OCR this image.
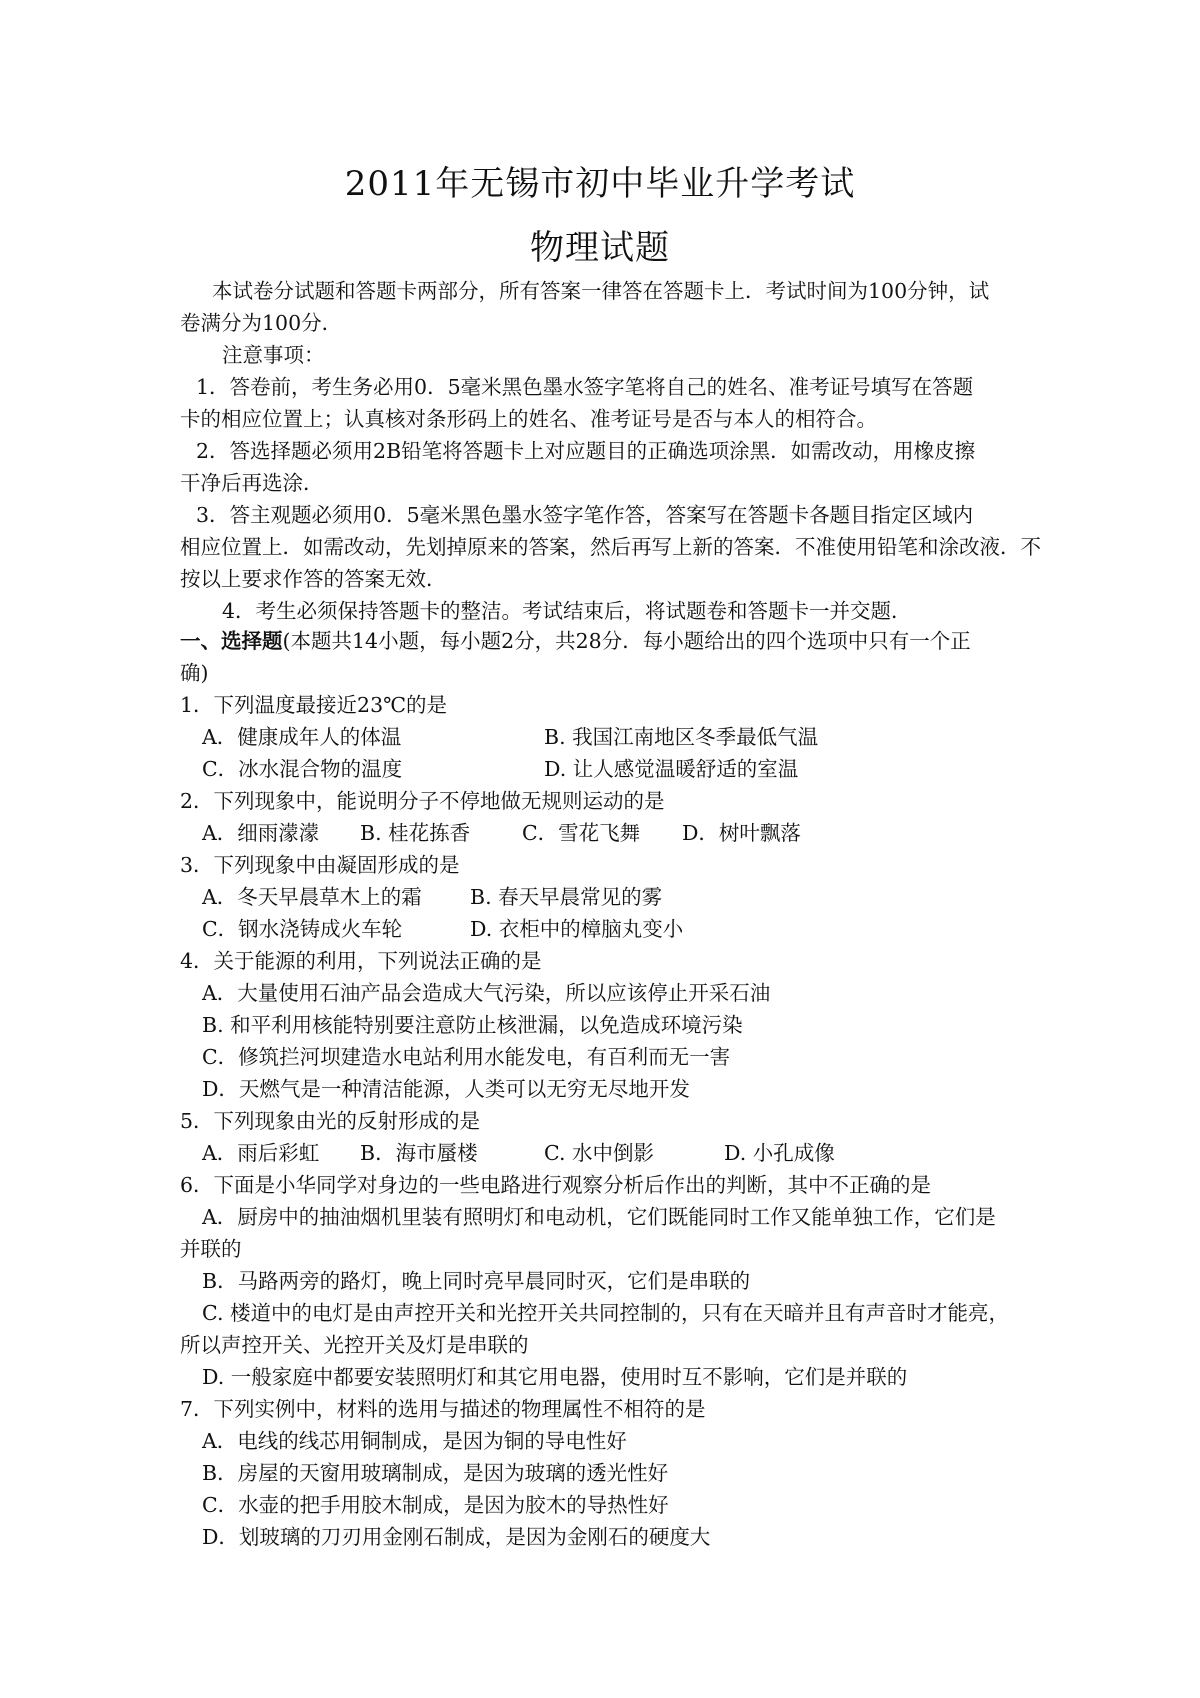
2011年无锡市初中毕业升学考试
物理试题
本试卷分试题和答题卡两部分，所有答案一律答在答题卡上．考试时间为100分钟，试
卷满分为100分．
注意事项：
1．答卷前，考生务必用0．5毫米黑色墨水签字笔将自己的姓名、准考证号填写在答题
卡的相应位置上；认真核对条形码上的姓名、准考证号是否与本人的相符合。
2．答选择题必须用2B铅笔将答题卡上对应题目的正确选项涂黑．如需改动，用橡皮擦
干净后再选涂．
3．答主观题必须用0．5毫米黑色墨水签字笔作答，答案写在答题卡各题目指定区域内
相应位置上．如需改动，先划掉原来的答案，然后再写上新的答案．不准使用铅笔和涂改液．不
按以上要求作答的答案无效．
4．考生必须保持答题卡的整洁。考试结束后，将试题卷和答题卡一并交题．
一、选择题(本题共14小题，每小题2分，共28分．每小题给出的四个选项中只有一个正
确)
1．下列温度最接近23℃的是
A．健康成年人的体温	B. 我国江南地区冬季最低气温
C．冰水混合物的温度	D. 让人感觉温暖舒适的室温
2．下列现象中，能说明分子不停地做无规则运动的是
A．细雨濛濛 B. 桂花拣香	C．雪花飞舞 D．树叶飘落
3．下列现象中由凝固形成的是
A．冬天早晨草木上的霜 B. 春天早晨常见的雾
C．钢水浇铸成火车轮	D. 衣柜中的樟脑丸变小
4．关于能源的利用，下列说法正确的是
A．大量使用石油产品会造成大气污染，所以应该停止开采石油
B. 和平利用核能特别要注意防止核泄漏，以免造成环境污染
C．修筑拦河坝建造水电站利用水能发电，有百利而无一害
D．天燃气是一种清洁能源，人类可以无穷无尽地开发
5．下列现象由光的反射形成的是
A．雨后彩虹 B．海市蜃楼	C. 水中倒影	D. 小孔成像
6．下面是小华同学对身边的一些电路进行观察分析后作出的判断，其中不正确的是
A．厨房中的抽油烟机里装有照明灯和电动机，它们既能同时工作又能单独工作，它们是
并联的
B．马路两旁的路灯，晚上同时亮早晨同时灭，它们是串联的
C. 楼道中的电灯是由声控开关和光控开关共同控制的，只有在天暗并且有声音时才能亮，
所以声控开关、光控开关及灯是串联的
D. 一般家庭中都要安装照明灯和其它用电器，使用时互不影响，它们是并联的
7．下列实例中，材料的选用与描述的物理属性不相符的是
A．电线的线芯用铜制成，是因为铜的导电性好
B．房屋的天窗用玻璃制成，是因为玻璃的透光性好
C．水壶的把手用胶木制成，是因为胶木的导热性好
D．划玻璃的刀刃用金刚石制成，是因为金刚石的硬度大
